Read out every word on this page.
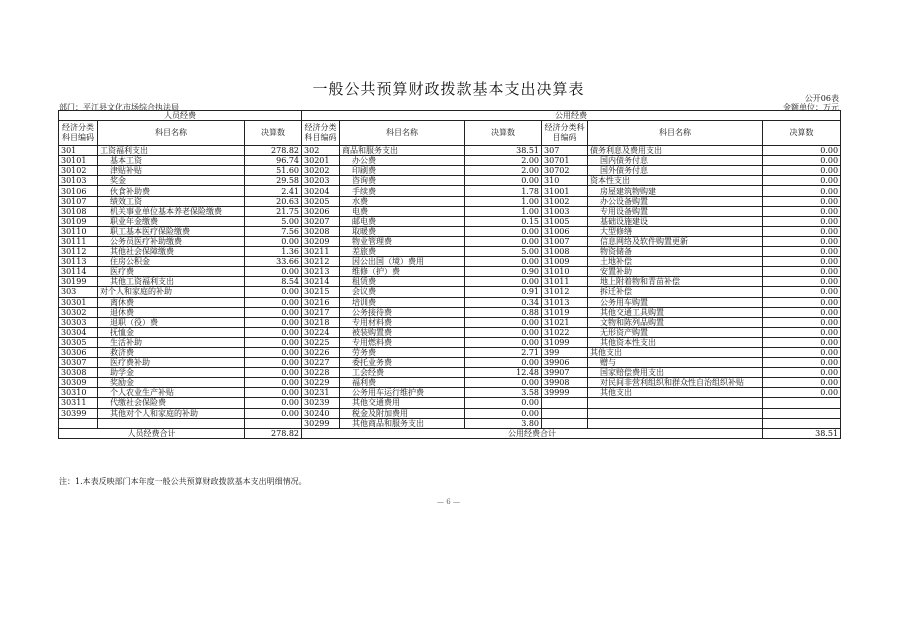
一般公共预算财政拨款基本支出决算表
公开06表
部门：平江县文化市场综合执法局	金额单位：万元
人员经费			公用经费					
经济分类科目编码	科目名称	决算数	经济分类科目编码	科目名称	决算数	经济分类科目编码	科目名称	决算数
301	工资福利支出	278.82	302	商品和服务支出	38.51	307	债务利息及费用支出	0.00
30101	基本工资	96.74	30201	办公费	2.00	30701	国内债务付息	0.00
30102	津贴补贴	51.60	30202	印刷费	2.00	30702	国外债务付息	0.00
30103	奖金	29.58	30203	咨询费	0.00	310	资本性支出	0.00
30106	伙食补助费	2.41	30204	手续费	1.78	31001	房屋建筑物购建	0.00
30107	绩效工资	20.63	30205	水费	1.00	31002	办公设备购置	0.00
30108	机关事业单位基本养老保险缴费	21.75	30206	电费	1.00	31003	专用设备购置	0.00
30109	职业年金缴费	5.00	30207	邮电费	0.15	31005	基础设施建设	0.00
30110	职工基本医疗保险缴费	7.56	30208	取暖费	0.00	31006	大型修缮	0.00
30111	公务员医疗补助缴费	0.00	30209	物业管理费	0.00	31007	信息网络及软件购置更新	0.00
30112	其他社会保障缴费	1.36	30211	差旅费	5.00	31008	物资储备	0.00
30113	住房公积金	33.66	30212	因公出国（境）费用	0.00	31009	土地补偿	0.00
30114	医疗费	0.00	30213	维修（护）费	0.90	31010	安置补助	0.00
30199	其他工资福利支出	8.54	30214	租赁费	0.00	31011	地上附着物和青苗补偿	0.00
303	对个人和家庭的补助	0.00	30215	会议费	0.91	31012	拆迁补偿	0.00
30301	离休费	0.00	30216	培训费	0.34	31013	公务用车购置	0.00
30302	退休费	0.00	30217	公务接待费	0.88	31019	其他交通工具购置	0.00
30303	退职（役）费	0.00	30218	专用材料费	0.00	31021	文物和陈列品购置	0.00
30304	抚恤金	0.00	30224	被装购置费	0.00	31022	无形资产购置	0.00
30305	生活补助	0.00	30225	专用燃料费	0.00	31099	其他资本性支出	0.00
30306	救济费	0.00	30226	劳务费	2.71	399	其他支出	0.00
30307	医疗费补助	0.00	30227	委托业务费	0.00	39906	赠与	0.00
30308	助学金	0.00	30228	工会经费	12.48	39907	国家赔偿费用支出	0.00
30309	奖励金	0.00	30229	福利费	0.00	39908	对民间非营利组织和群众性自治组织补贴	0.00
30310	个人农业生产补贴	0.00	30231	公务用车运行维护费	3.58	39999	其他支出	0.00
30311	代缴社会保险费	0.00	30239	其他交通费用	0.00			
30399	其他对个人和家庭的补助	0.00	30240	税金及附加费用	0.00			
			30299	其他商品和服务支出	3.80			
人员经费合计		278.82	公用经费合计					38.51
注：1.本表反映部门本年度一般公共预算财政拨款基本支出明细情况。
— 6 —
